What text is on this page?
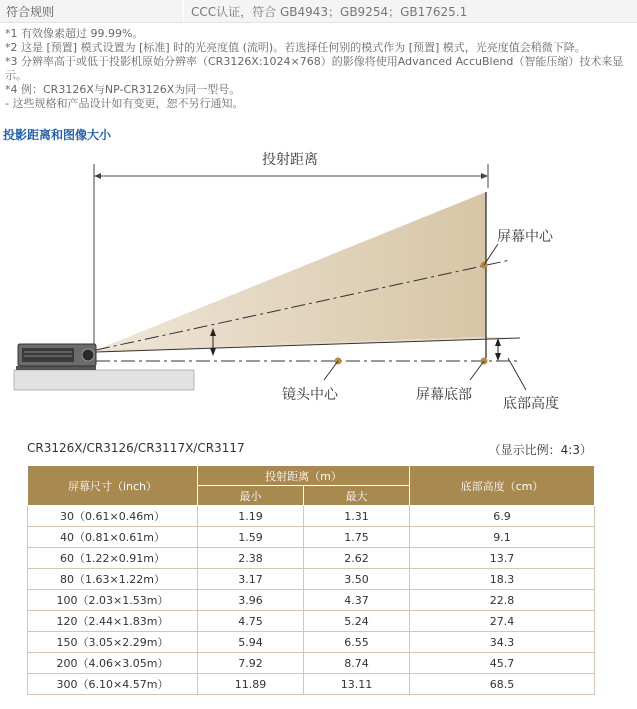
符合规则	CCC认证，符合 GB4943；GB9254；GB17625.1

*1 有效像素超过 99.99%。

*2 这是 [预置] 模式设置为 [标准] 时的光亮度值 (流明)。若选择任何别的模式作为 [预置] 模式，光亮度值会稍微下降。

*3 分辨率高于或低于投影机原始分辨率（CR3126X:1024×768）的影像将使用Advanced AccuBlend（智能压缩）技术来显示。

*4 例：CR3126X与NP-CR3126X为同一型号。

- 这些规格和产品设计如有变更，恕不另行通知。

投影距离和图像大小
投射距离
屏幕中心
镜头中心	屏幕底部
底部高度
CR3126X/CR3126/CR3117X/CR3117	（显示比例：4:3）
屏幕尺寸（inch）	投射距离（m）		底部高度（cm）
	最小	最大	
30（0.61×0.46m）	1.19	1.31	6.9
40（0.81×0.61m）	1.59	1.75	9.1
60（1.22×0.91m）	2.38	2.62	13.7
80（1.63×1.22m）	3.17	3.50	18.3
100（2.03×1.53m）	3.96	4.37	22.8
120（2.44×1.83m）	4.75	5.24	27.4
150（3.05×2.29m）	5.94	6.55	34.3
200（4.06×3.05m）	7.92	8.74	45.7
300（6.10×4.57m）	11.89	13.11	68.5
